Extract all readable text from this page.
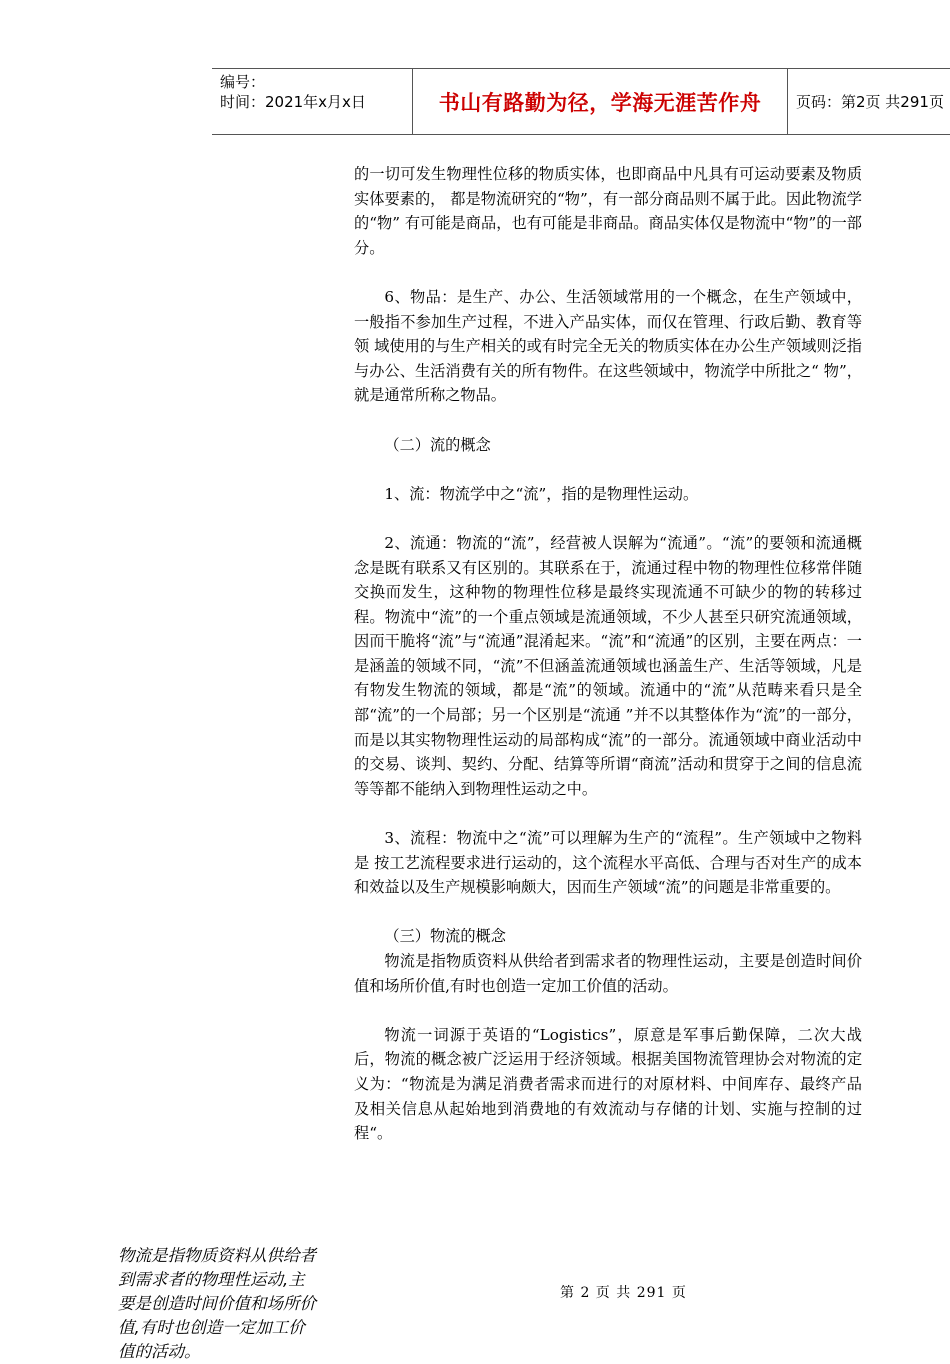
编号：
时间：2021年x月x日	书山有路勤为径，学海无涯苦作舟	页码：第2页 共291页

的一切可发生物理性位移的物质实体，也即商品中凡具有可运动要素及物质实体要素的， 都是物流研究的“物”，有一部分商品则不属于此。因此物流学的“物” 有可能是商品，也有可能是非商品。商品实体仅是物流中“物”的一部分。

6、物品：是生产、办公、生活领域常用的一个概念，在生产领域中，一般指不参加生产过程，不进入产品实体，而仅在管理、行政后勤、教育等领 域使用的与生产相关的或有时完全无关的物质实体在办公生产领域则泛指与办公、生活消费有关的所有物件。在这些领域中，物流学中所批之“ 物”，就是通常所称之物品。

（二）流的概念

1、流：物流学中之“流”，指的是物理性运动。

2、流通：物流的“流”，经营被人误解为“流通”。“流”的要领和流通概 念是既有联系又有区别的。其联系在于，流通过程中物的物理性位移常伴随交换而发生，这种物的物理性位移是最终实现流通不可缺少的物的转移过程。物流中“流”的一个重点领域是流通领域，不少人甚至只研究流通领域，因而干脆将“流”与“流通”混淆起来。“流”和“流通”的区别，主要在两点：一是涵盖的领域不同，“流”不但涵盖流通领域也涵盖生产、生活等领域，凡是有物发生物流的领域，都是“流”的领域。流通中的“流”从范畴来看只是全部“流”的一个局部；另一个区别是“流通 ”并不以其整体作为“流”的一部分，而是以其实物物理性运动的局部构成“流”的一部分。流通领域中商业活动中的交易、谈判、契约、分配、结算等所谓“商流”活动和贯穿于之间的信息流等等都不能纳入到物理性运动之中。

3、流程：物流中之“流”可以理解为生产的“流程”。生产领域中之物料是 按工艺流程要求进行运动的，这个流程水平高低、合理与否对生产的成本 和效益以及生产规模影响颇大，因而生产领域“流”的问题是非常重要的。

（三）物流的概念

物流是指物质资料从供给者到需求者的物理性运动，主要是创造时间价值和场所价值,有时也创造一定加工价值的活动。

物流一词源于英语的“Logistics”，原意是军事后勤保障，二次大战后，物流的概念被广泛运用于经济领域。根据美国物流管理协会对物流的定义为：“物流是为满足消费者需求而进行的对原材料、中间库存、最终产品及相关信息从起始地到消费地的有效流动与存储的计划、实施与控制的过程“。

物流是指物质资料从供给者到需求者的物理性运动,主要是创造时间价值和场所价值,有时也创造一定加工价值的活动。
第 2 页 共 291 页
